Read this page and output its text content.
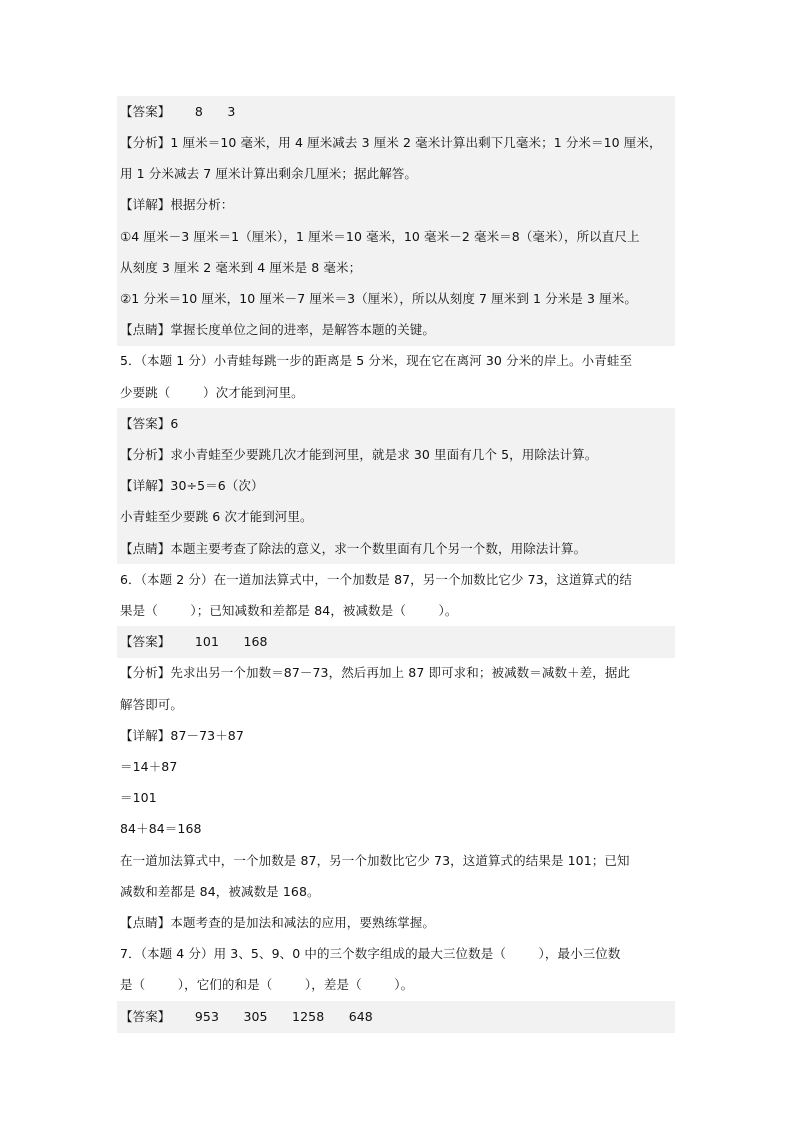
【答案】      8      3
【分析】1 厘米＝10 毫米，用 4 厘米减去 3 厘米 2 毫米计算出剩下几毫米；1 分米＝10 厘米，
用 1 分米减去 7 厘米计算出剩余几厘米；据此解答。
【详解】根据分析：
①4 厘米－3 厘米＝1（厘米），1 厘米＝10 毫米，10 毫米－2 毫米＝8（毫米），所以直尺上
从刻度 3 厘米 2 毫米到 4 厘米是 8 毫米；
②1 分米＝10 厘米，10 厘米－7 厘米＝3（厘米），所以从刻度 7 厘米到 1 分米是 3 厘米。
【点睛】掌握长度单位之间的进率，是解答本题的关键。
5．（本题 1 分）小青蛙每跳一步的距离是 5 分米，现在它在离河 30 分米的岸上。小青蛙至
少要跳（        ）次才能到河里。
【答案】6
【分析】求小青蛙至少要跳几次才能到河里，就是求 30 里面有几个 5，用除法计算。
【详解】30÷5＝6（次）
小青蛙至少要跳 6 次才能到河里。
【点睛】本题主要考查了除法的意义，求一个数里面有几个另一个数，用除法计算。
6．（本题 2 分）在一道加法算式中，一个加数是 87，另一个加数比它少 73，这道算式的结
果是（        ）；已知减数和差都是 84，被减数是（        ）。
【答案】      101      168
【分析】先求出另一个加数＝87－73，然后再加上 87 即可求和；被减数＝减数＋差，据此
解答即可。
【详解】87－73＋87
＝14＋87
＝101
84＋84＝168
在一道加法算式中，一个加数是 87，另一个加数比它少 73，这道算式的结果是 101；已知
减数和差都是 84，被减数是 168。
【点睛】本题考查的是加法和减法的应用，要熟练掌握。
7．（本题 4 分）用 3、5、9、0 中的三个数字组成的最大三位数是（        ），最小三位数
是（        ），它们的和是（        ），差是（        ）。
【答案】      953      305      1258      648
